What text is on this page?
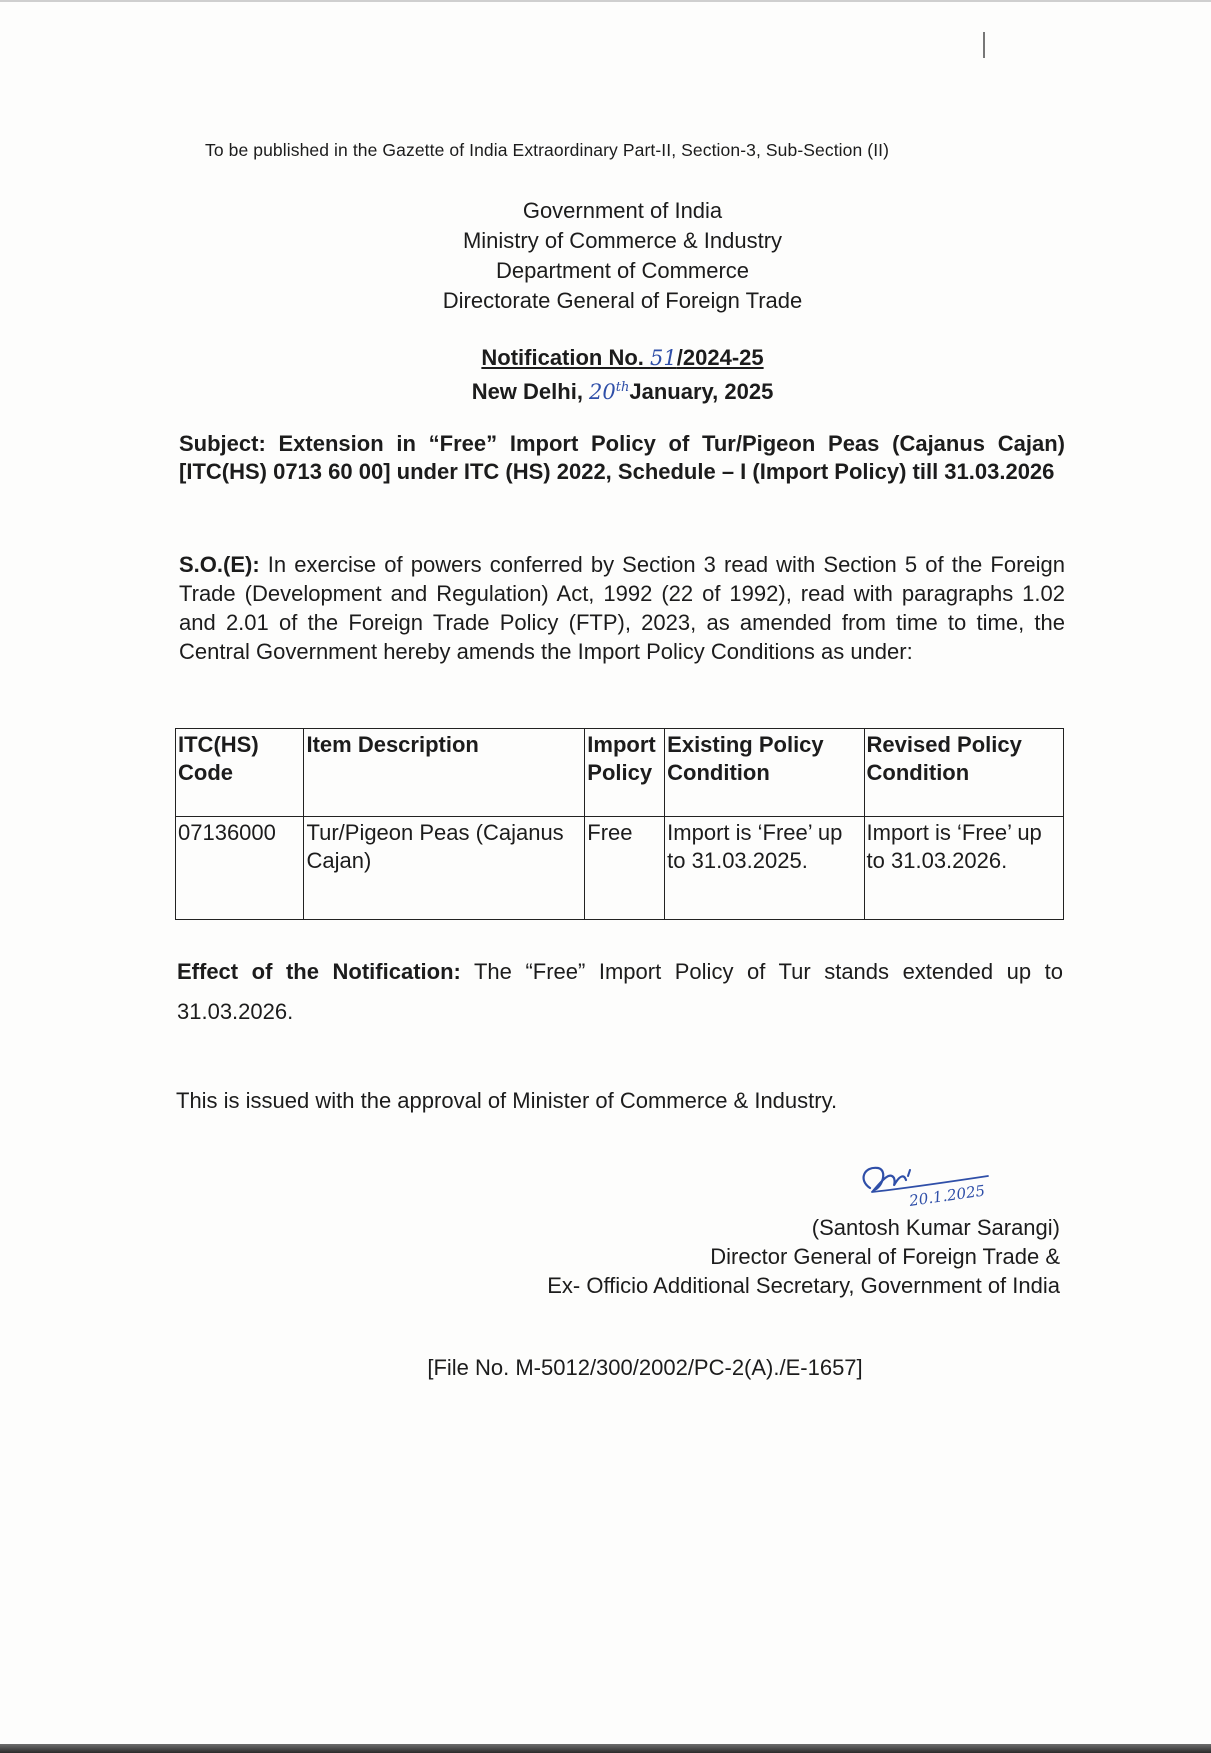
To be published in the Gazette of India Extraordinary Part-II, Section-3, Sub-Section (II)
Government of India
Ministry of Commerce & Industry
Department of Commerce
Directorate General of Foreign Trade
Notification No. 51/2024-25
New Delhi, 20thJanuary, 2025
Subject: Extension in “Free” Import Policy of Tur/Pigeon Peas (Cajanus Cajan) [ITC(HS) 0713 60 00] under ITC (HS) 2022, Schedule – I (Import Policy) till 31.03.2026
S.O.(E): In exercise of powers conferred by Section 3 read with Section 5 of the Foreign Trade (Development and Regulation) Act, 1992 (22 of 1992), read with paragraphs 1.02 and 2.01 of the Foreign Trade Policy (FTP), 2023, as amended from time to time, the Central Government hereby amends the Import Policy Conditions as under:
ITC(HS) Code	Item Description	Import Policy	Existing Policy Condition	Revised Policy Condition
07136000	Tur/Pigeon Peas (Cajanus Cajan)	Free	Import is ‘Free’ up to 31.03.2025.	Import is ‘Free’ up to 31.03.2026.
Effect of the Notification: The “Free” Import Policy of Tur stands extended up to 31.03.2026.
This is issued with the approval of Minister of Commerce & Industry.
20.1.2025
(Santosh Kumar Sarangi)
Director General of Foreign Trade &
Ex- Officio Additional Secretary, Government of India
[File No. M-5012/300/2002/PC-2(A)./E-1657]
